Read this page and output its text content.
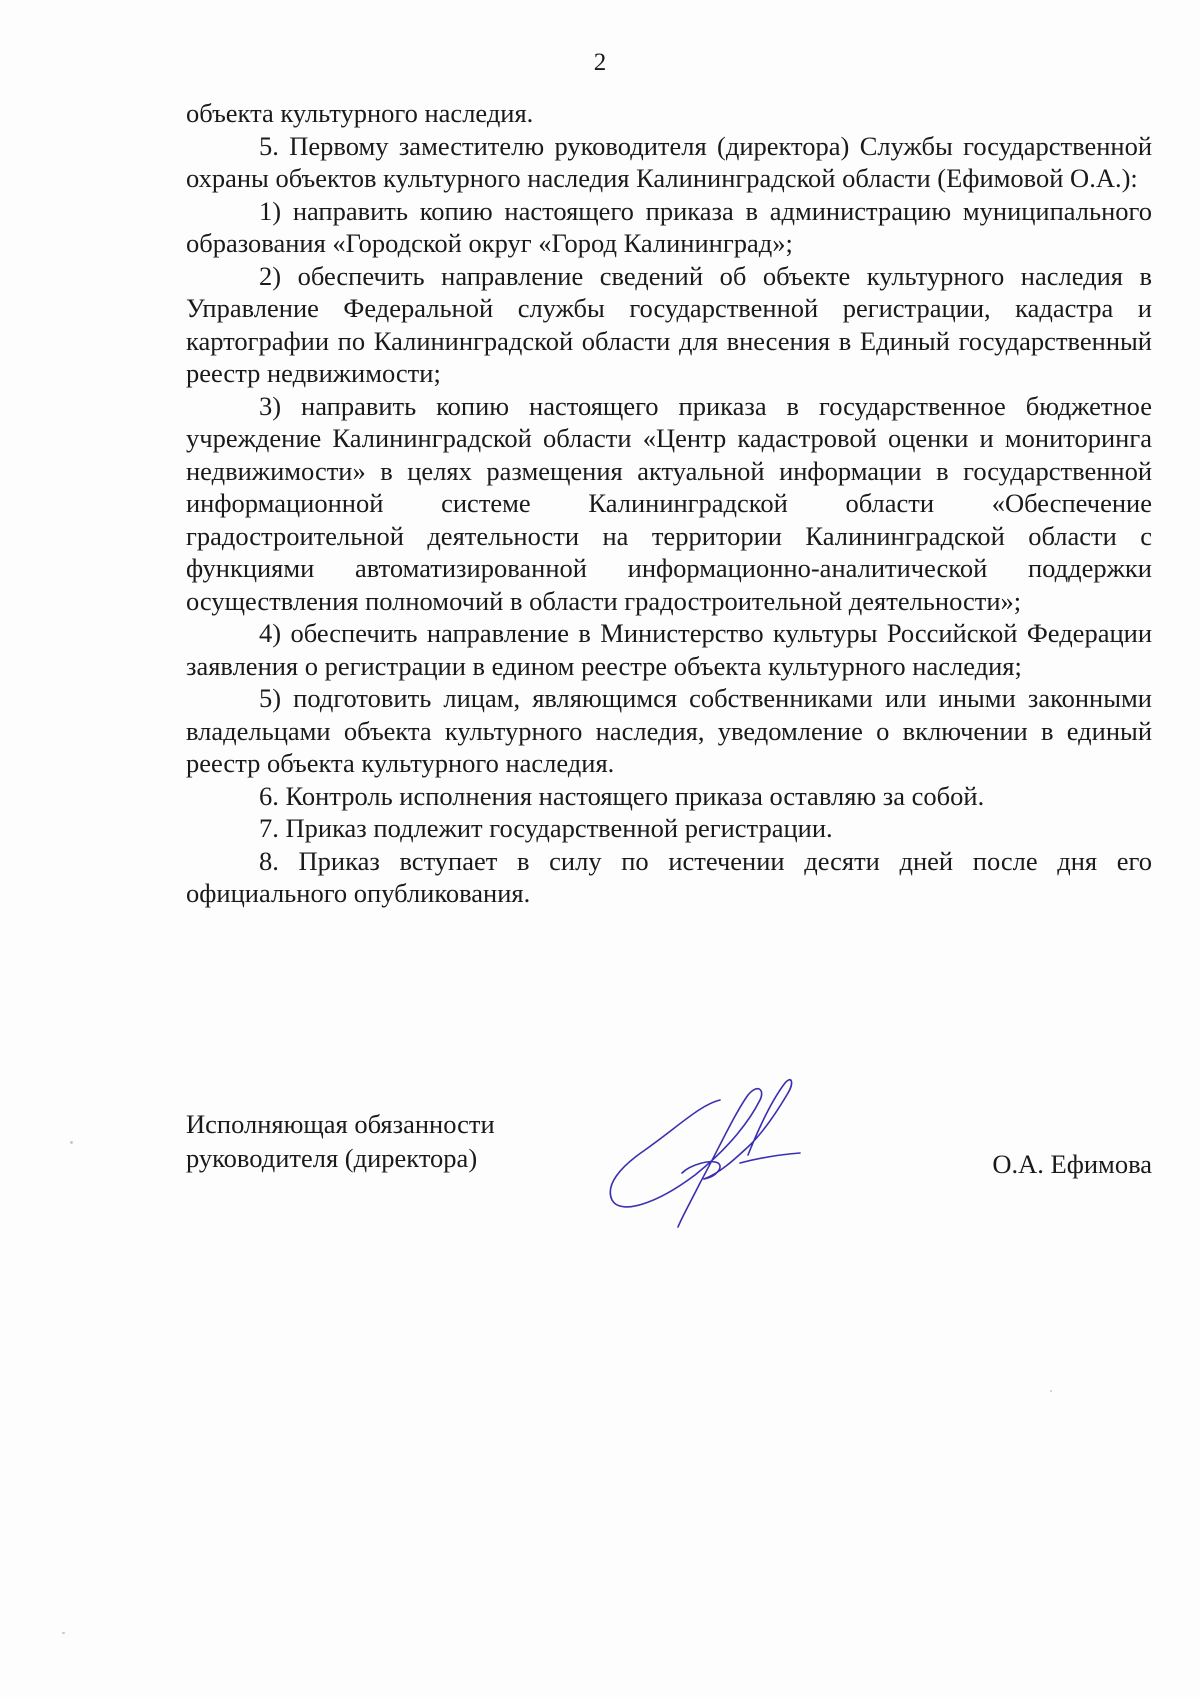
2

объекта культурного наследия.

5. Первому заместителю руководителя (директора) Службы государственной охраны объектов культурного наследия Калининградской области (Ефимовой О.А.):

1) направить копию настоящего приказа в администрацию муниципального образования «Городской округ «Город Калининград»;

2) обеспечить направление сведений об объекте культурного наследия в Управление Федеральной службы государственной регистрации, кадастра и картографии по Калининградской области для внесения в Единый государственный реестр недвижимости;

3) направить копию настоящего приказа в государственное бюджетное учреждение Калининградской области «Центр кадастровой оценки и мониторинга недвижимости» в целях размещения актуальной информации в государственной информационной системе Калининградской области «Обеспечение градостроительной деятельности на территории Калининградской области с функциями автоматизированной информационно-аналитической поддержки осуществления полномочий в области градостроительной деятельности»;

4) обеспечить направление в Министерство культуры Российской Федерации заявления о регистрации в едином реестре объекта культурного наследия;

5) подготовить лицам, являющимся собственниками или иными законными владельцами объекта культурного наследия, уведомление о включении в единый реестр объекта культурного наследия.

6. Контроль исполнения настоящего приказа оставляю за собой.

7. Приказ подлежит государственной регистрации.

8. Приказ вступает в силу по истечении десяти дней после дня его официального опубликования.

Исполняющая обязанности
руководителя (директора)	О.А. Ефимова
